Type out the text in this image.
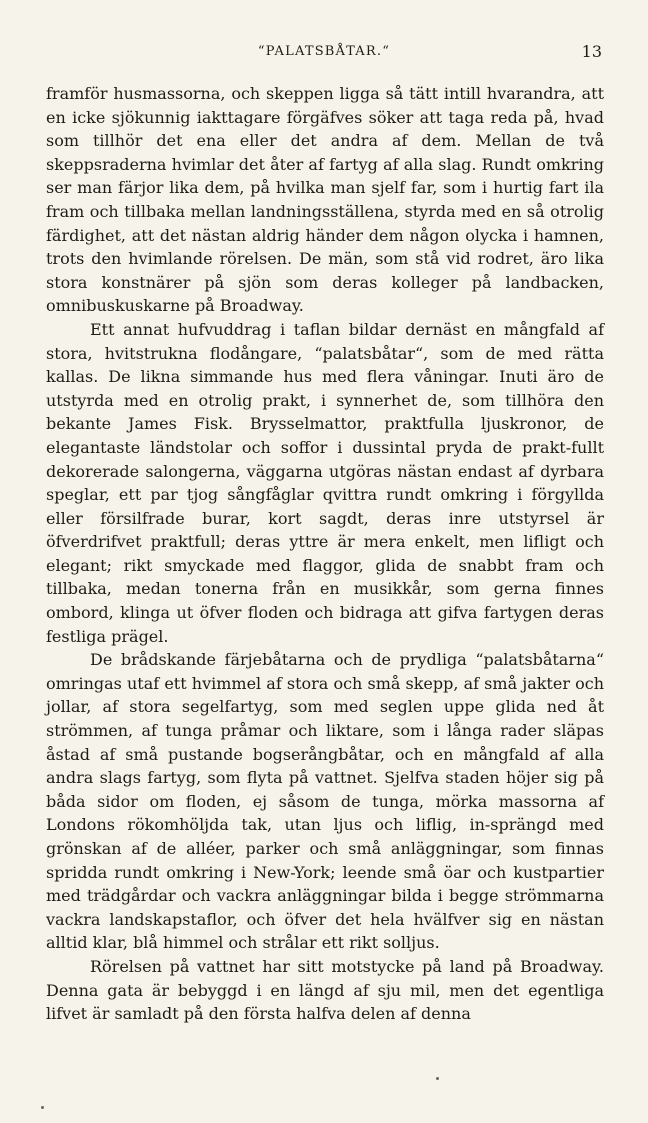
“PALATSBÅTAR.“	13

framför husmassorna, och skeppen ligga så tätt intill hvarandra, att en icke sjökunnig iakttagare förgäfves söker att taga reda på, hvad som tillhör det ena eller det andra af dem. Mellan de två skeppsraderna hvimlar det åter af fartyg af alla slag. Rundt omkring ser man färjor lika dem, på hvilka man sjelf far, som i hurtig fart ila fram och tillbaka mellan landningsställena, styrda med en så otrolig färdighet, att det nästan aldrig händer dem någon olycka i hamnen, trots den hvimlande rörelsen. De män, som stå vid rodret, äro lika stora konstnärer på sjön som deras kolleger på landbacken, omnibuskuskarne på Broadway.

Ett annat hufvuddrag i taflan bildar dernäst en mångfald af stora, hvitstrukna flodångare, “palatsbåtar“, som de med rätta kallas. De likna simmande hus med flera våningar. Inuti äro de utstyrda med en otrolig prakt, i synnerhet de, som tillhöra den bekante James Fisk. Brysselmattor, praktfulla ljuskronor, de elegantaste ländstolar och soffor i dussintal pryda de prakt-fullt dekorerade salongerna, väggarna utgöras nästan endast af dyrbara speglar, ett par tjog sångfåglar qvittra rundt omkring i förgyllda eller försilfrade burar, kort sagdt, deras inre utstyrsel är öfverdrifvet praktfull; deras yttre är mera enkelt, men lifligt och elegant; rikt smyckade med flaggor, glida de snabbt fram och tillbaka, medan tonerna från en musikkår, som gerna finnes ombord, klinga ut öfver floden och bidraga att gifva fartygen deras festliga prägel.

De brådskande färjebåtarna och de prydliga “palatsbåtarna“ omringas utaf ett hvimmel af stora och små skepp, af små jakter och jollar, af stora segelfartyg, som med seglen uppe glida ned åt strömmen, af tunga pråmar och liktare, som i långa rader släpas åstad af små pustande bogserångbåtar, och en mångfald af alla andra slags fartyg, som flyta på vattnet. Sjelfva staden höjer sig på båda sidor om floden, ej såsom de tunga, mörka massorna af Londons rökomhöljda tak, utan ljus och liflig, in-sprängd med grönskan af de alléer, parker och små anläggningar, som finnas spridda rundt omkring i New-York; leende små öar och kustpartier med trädgårdar och vackra anläggningar bilda i begge strömmarna vackra landskapstaflor, och öfver det hela hvälfver sig en nästan alltid klar, blå himmel och strålar ett rikt solljus.

Rörelsen på vattnet har sitt motstycke på land på Broadway. Denna gata är bebyggd i en längd af sju mil, men det egentliga lifvet är samladt på den första halfva delen af denna
